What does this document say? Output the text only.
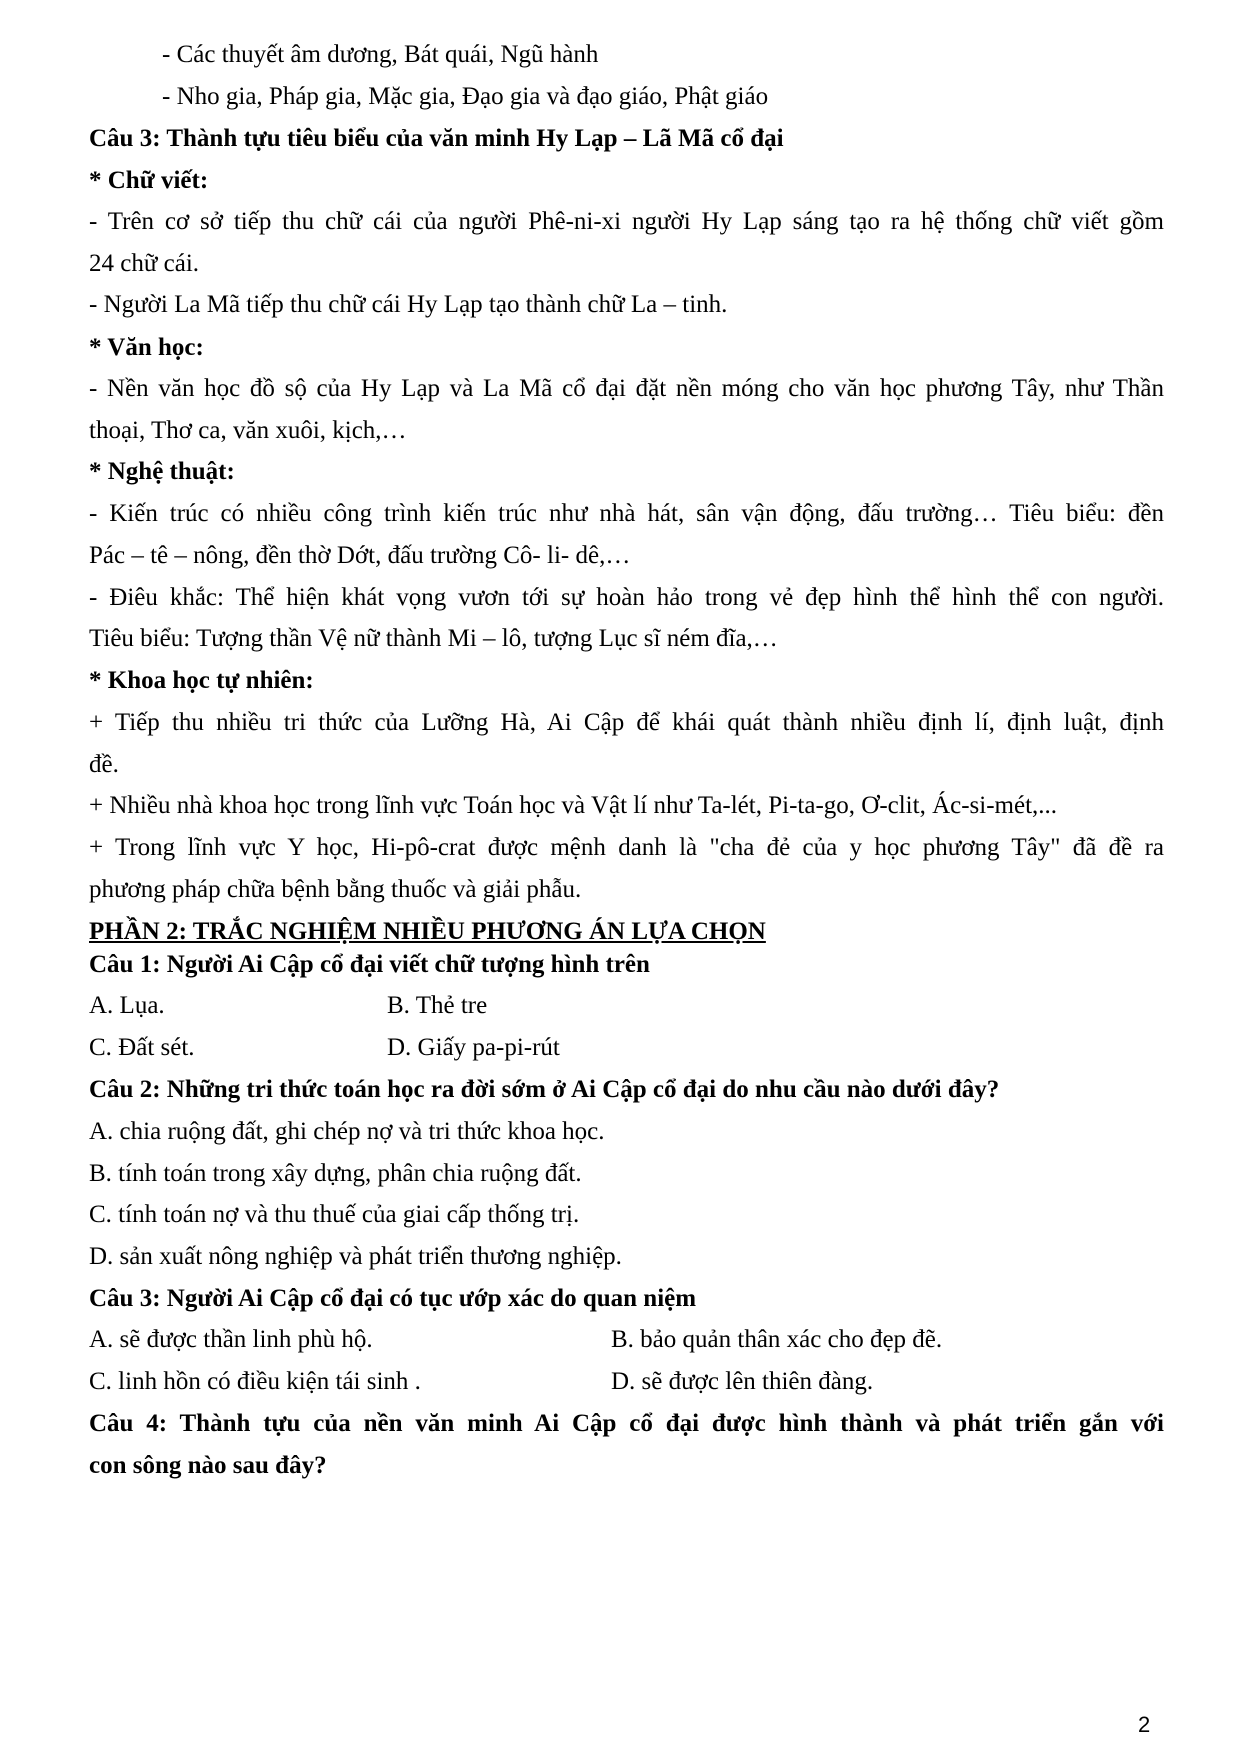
- Các thuyết âm dương, Bát quái, Ngũ hành
- Nho gia, Pháp gia, Mặc gia, Đạo gia và đạo giáo, Phật giáo
Câu 3: Thành tựu tiêu biểu của văn minh Hy Lạp – Lã Mã cổ đại
* Chữ viết:
- Trên cơ sở tiếp thu chữ cái của người Phê-ni-xi người Hy Lạp sáng tạo ra hệ thống chữ viết gồm
24 chữ cái.
- Người La Mã tiếp thu chữ cái Hy Lạp tạo thành chữ La – tinh.
* Văn học:
- Nền văn học đồ sộ của Hy Lạp và La Mã cổ đại đặt nền móng cho văn học phương Tây, như Thần
thoại, Thơ ca, văn xuôi, kịch,…
* Nghệ thuật:
- Kiến trúc có nhiều công trình kiến trúc như nhà hát, sân vận động, đấu trường… Tiêu biểu: đền
Pác – tê – nông, đền thờ Dớt, đấu trường Cô- li- dê,…
- Điêu khắc: Thể hiện khát vọng vươn tới sự hoàn hảo trong vẻ đẹp hình thể hình thể con người.
Tiêu biểu: Tượng thần Vệ nữ thành Mi – lô, tượng Lục sĩ ném đĩa,…
* Khoa học tự nhiên:
+ Tiếp thu nhiều tri thức của Lưỡng Hà, Ai Cập để khái quát thành nhiều định lí, định luật, định
đề.
+ Nhiều nhà khoa học trong lĩnh vực Toán học và Vật lí như Ta-lét, Pi-ta-go, Ơ-clit, Ác-si-mét,...
+ Trong lĩnh vực Y học, Hi-pô-crat được mệnh danh là "cha đẻ của y học phương Tây" đã đề ra
phương pháp chữa bệnh bằng thuốc và giải phẫu.
PHẦN 2: TRẮC NGHIỆM NHIỀU PHƯƠNG ÁN LỰA CHỌN
Câu 1: Người Ai Cập cổ đại viết chữ tượng hình trên
A. Lụa.	B. Thẻ tre
C. Đất sét.	D. Giấy pa-pi-rút
Câu 2: Những tri thức toán học ra đời sớm ở Ai Cập cổ đại do nhu cầu nào dưới đây?
A. chia ruộng đất, ghi chép nợ và tri thức khoa học.
B. tính toán trong xây dựng, phân chia ruộng đất.
C. tính toán nợ và thu thuế của giai cấp thống trị.
D. sản xuất nông nghiệp và phát triển thương nghiệp.
Câu 3: Người Ai Cập cổ đại có tục ướp xác do quan niệm
A. sẽ được thần linh phù hộ.	B. bảo quản thân xác cho đẹp đẽ.
C. linh hồn có điều kiện tái sinh .	D. sẽ được lên thiên đàng.
Câu 4: Thành tựu của nền văn minh Ai Cập cổ đại được hình thành và phát triển gắn với
con sông nào sau đây?
2
